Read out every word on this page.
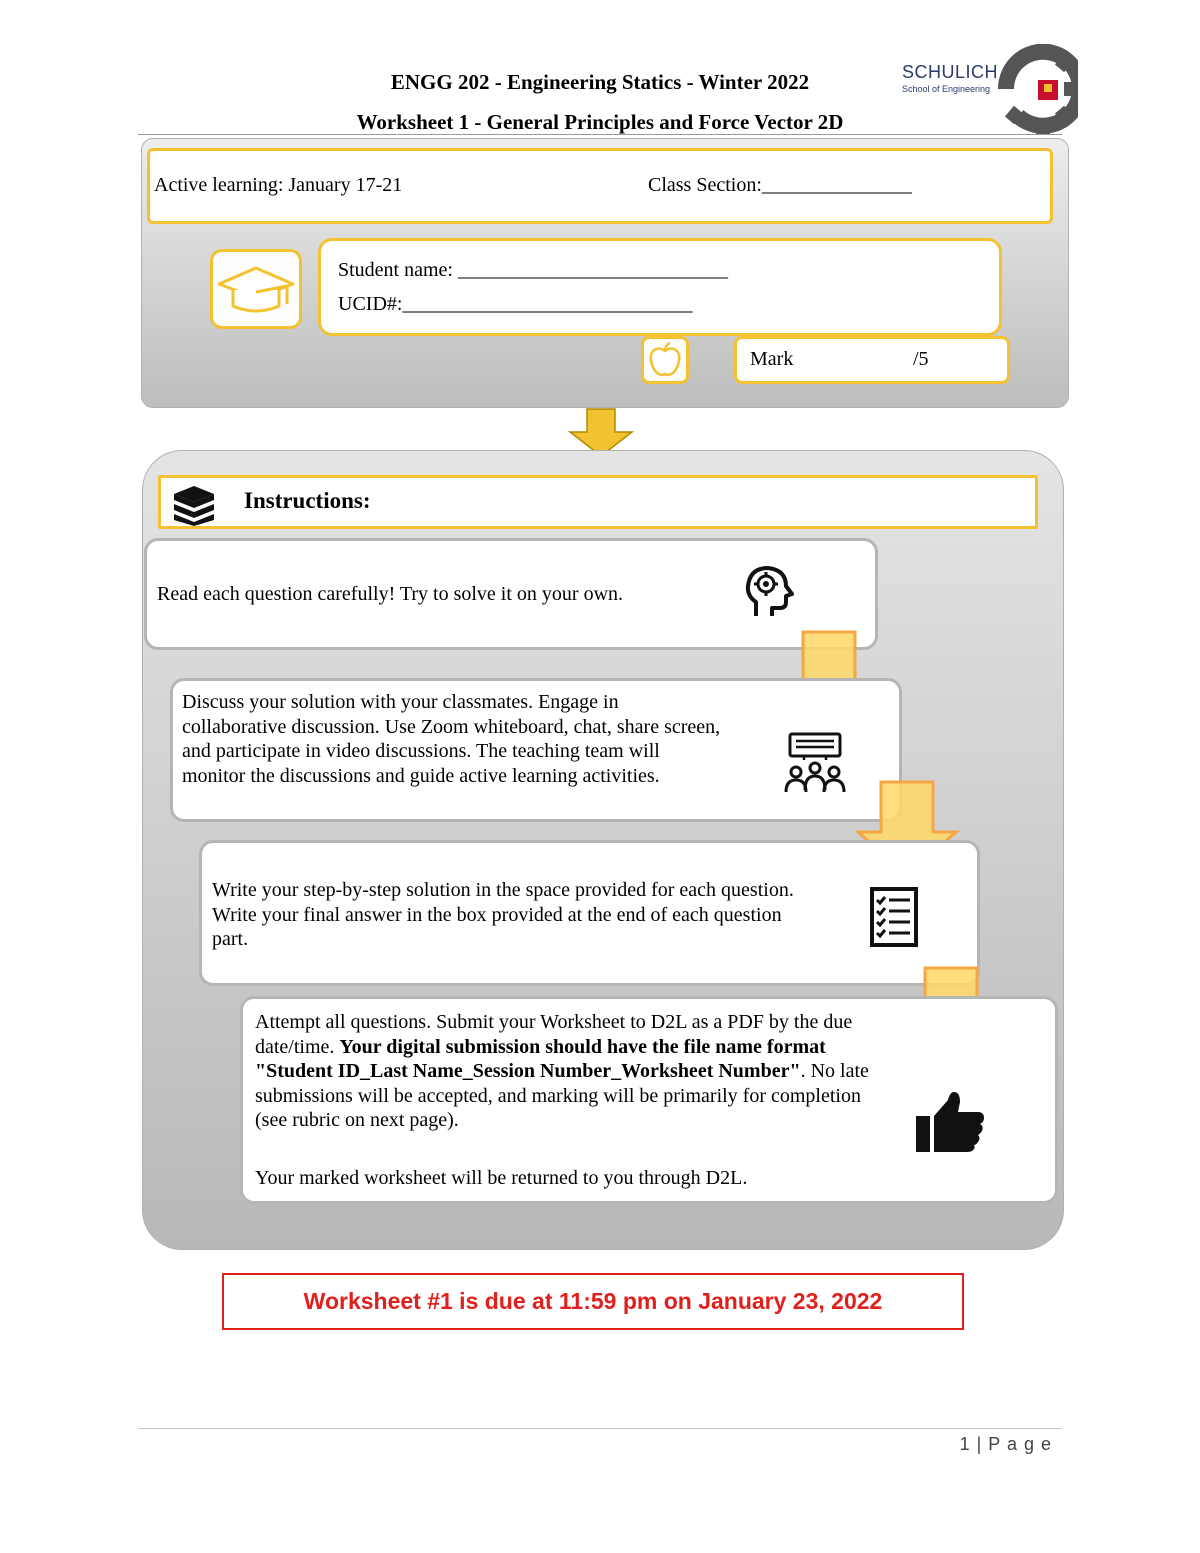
ENGG 202 - Engineering Statics - Winter 2022
Worksheet 1 - General Principles and Force Vector 2D
SCHULICH
School of Engineering
Active learning: January 17-21	Class Section:_______________
Student name: ___________________________
UCID#:_____________________________
Mark	/5
Instructions:
Read each question carefully! Try to solve it on your own.
Discuss your solution with your classmates. Engage in collaborative discussion. Use Zoom whiteboard, chat, share screen, and participate in video discussions. The teaching team will monitor the discussions and guide active learning activities.
Write your step-by-step solution in the space provided for each question. Write your final answer in the box provided at the end of each question part.
Attempt all questions. Submit your Worksheet to D2L as a PDF by the due date/time. Your digital submission should have the file name format "Student ID_Last Name_Session Number_Worksheet Number". No late submissions will be accepted, and marking will be primarily for completion (see rubric on next page).
Your marked worksheet will be returned to you through D2L.
Worksheet #1 is due at 11:59 pm on January 23, 2022
1 | P a g e
